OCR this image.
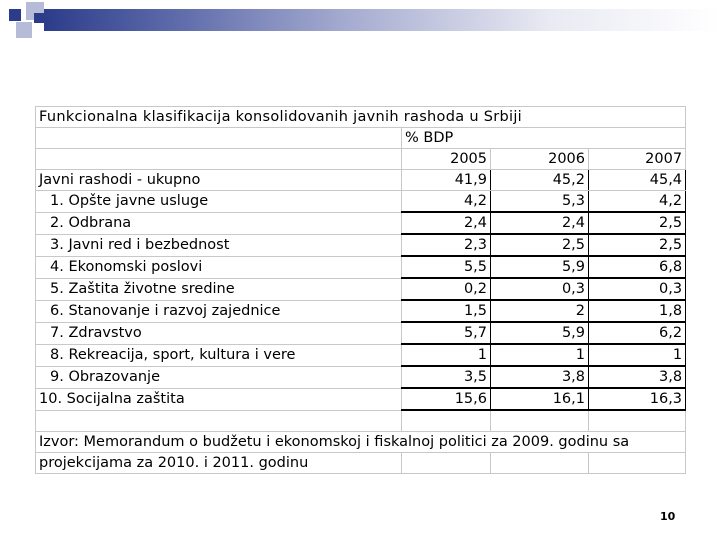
Funkcionalna klasifikacija konsolidovanih javnih rashoda u Srbiji			
	% BDP		
	2005	2006	2007
Javni rashodi - ukupno	41,9	45,2	45,4
1. Opšte javne usluge	4,2	5,3	4,2
2. Odbrana	2,4	2,4	2,5
3. Javni red i bezbednost	2,3	2,5	2,5
4. Ekonomski poslovi	5,5	5,9	6,8
5. Zaštita životne sredine	0,2	0,3	0,3
6. Stanovanje i razvoj zajednice	1,5	2	1,8
7. Zdravstvo	5,7	5,9	6,2
8. Rekreacija, sport, kultura i vere	1	1	1
9. Obrazovanje	3,5	3,8	3,8
10. Socijalna zaštita	15,6	16,1	16,3

Izvor: Memorandum o budžetu i ekonomskoj i fiskalnoj politici za 2009. godinu sa			
projekcijama za 2010. i 2011. godinu			
10
